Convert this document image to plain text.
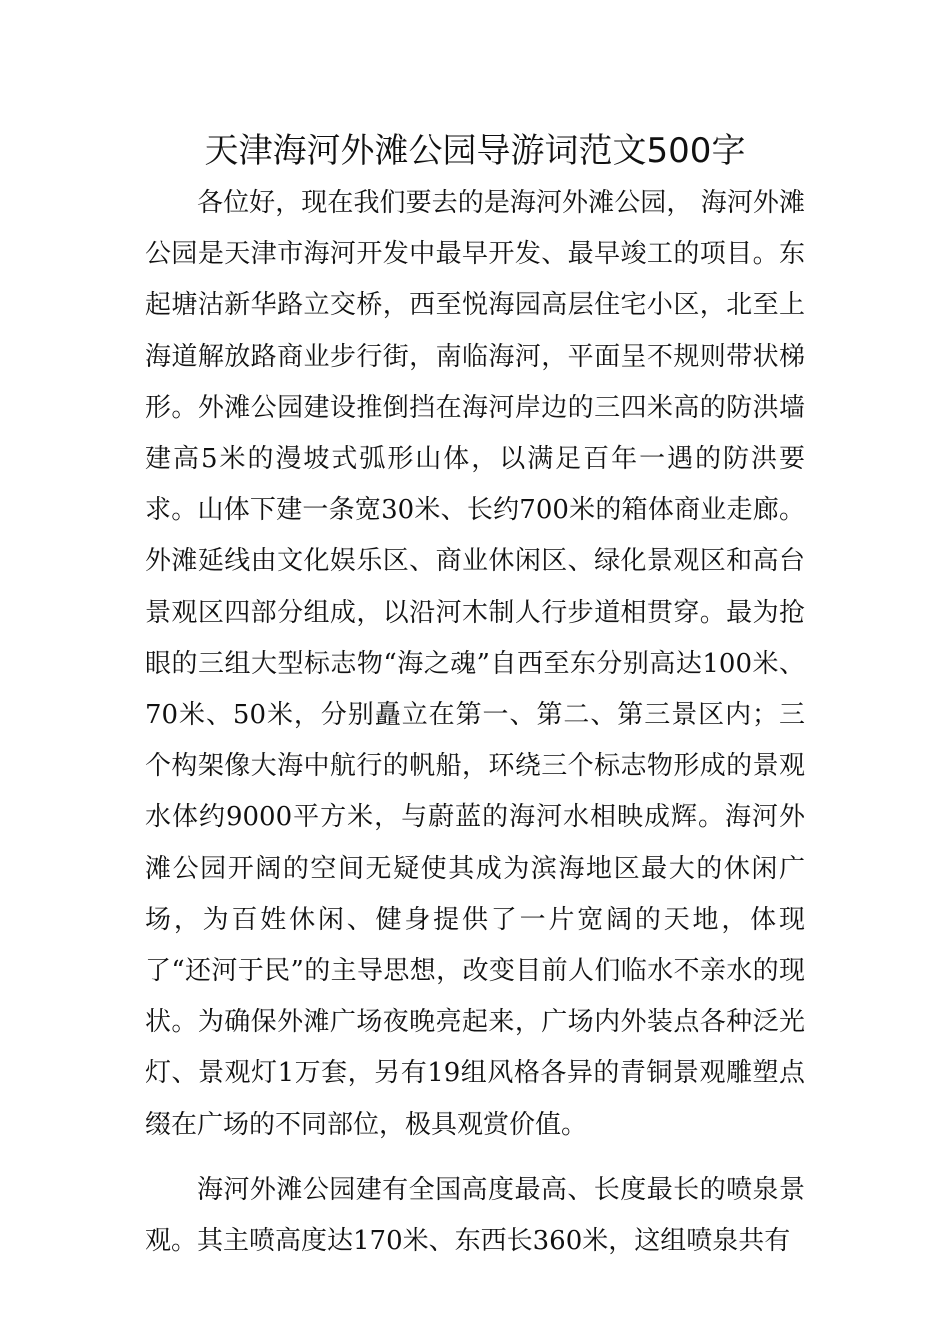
天津海河外滩公园导游词范文500字

各位好，现在我们要去的是海河外滩公园， 海河外滩公园是天津市海河开发中最早开发、最早竣工的项目。东起塘沽新华路立交桥，西至悦海园高层住宅小区，北至上海道解放路商业步行街，南临海河，平面呈不规则带状梯形。外滩公园建设推倒挡在海河岸边的三四米高的防洪墙建高5米的漫坡式弧形山体，以满足百年一遇的防洪要求。山体下建一条宽30米、长约700米的箱体商业走廊。外滩延线由文化娱乐区、商业休闲区、绿化景观区和高台景观区四部分组成，以沿河木制人行步道相贯穿。最为抢眼的三组大型标志物“海之魂”自西至东分别高达100米、70米、50米，分别矗立在第一、第二、第三景区内；三个构架像大海中航行的帆船，环绕三个标志物形成的景观水体约9000平方米，与蔚蓝的海河水相映成辉。海河外滩公园开阔的空间无疑使其成为滨海地区最大的休闲广场，为百姓休闲、健身提供了一片宽阔的天地，体现了“还河于民”的主导思想，改变目前人们临水不亲水的现状。为确保外滩广场夜晚亮起来，广场内外装点各种泛光灯、景观灯1万套，另有19组风格各异的青铜景观雕塑点缀在广场的不同部位，极具观赏价值。

海河外滩公园建有全国高度最高、长度最长的喷泉景观。其主喷高度达170米、东西长360米，这组喷泉共有
